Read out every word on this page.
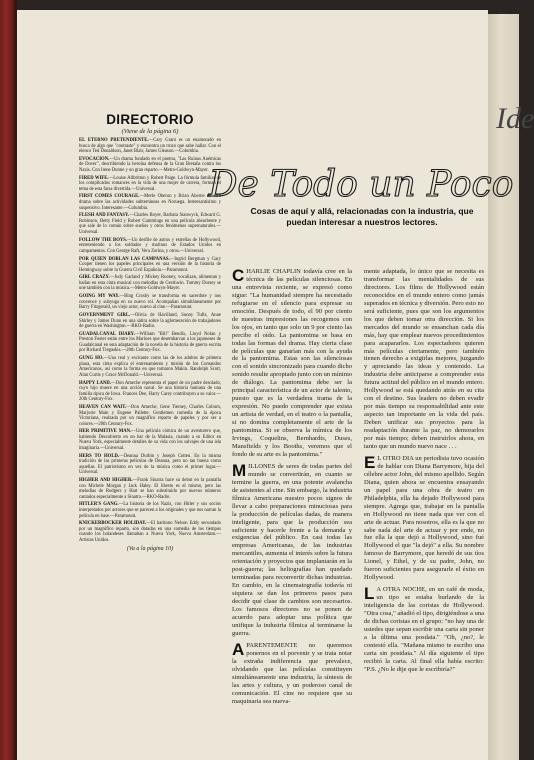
Ide
DIRECTORIO
(Viene de la página 6)
EL ETERNO PRETENDIENTE.—Cary Grant es un enamorado en busca de algo que "contraste" y encuentra un trozo que sabe hallar. Con el elenco Ted Donaldson, Janet Blair, James Gleason.—Columbia.
EVOCACION.—Un drama fundado en el poema, "Las Ruinas Anémicas de Dover", describiendo la heroína defensa de la Gran Bretaña contra los Nazis. Con Irene Dunne y un gran reparto.—Metro-Goldwyn-Mayer.
FIRED WIFE.—Louise Allbritton y Robert Paige. La fórmula familiar de los complicados romances en la vida de una mujer de carrera, forman el tema de esta farsa divertida.—Universal.
FIRST COMES COURAGE.—Merle Oberon y Brian Aherne en otro drama sobre las actividades subterráneas en Noruega. Interesantísimo y suspensivo. Interesante.—Columbia.
FLESH AND FANTASY.—Charles Boyer, Barbara Stanwyck, Edward G. Robinson, Betty Field y Robert Cummings en una película absorbente y que sale de lo común sobre sueños y otros fenómenos supernaturales.—Universal.
FOLLOW THE BOYS.—Un desfile de astros y estrellas de Hollywood, entreteniendo a los soldados y marinos de Estados Unidos en campamentos. Con George Raft, Vera Zorina, y otros.—Universal.
POR QUIEN DOBLAN LAS CAMPANAS.—Ingrid Bergman y Gary Cooper tienen los papeles principales en una versión de la historia de Hemingway sobre la Guerra Civil Española.—Paramount.
GIRL CRAZY.—Judy Garland y Mickey Rooney, vocalizan, alimentan y bailan en esta cinta musical con melodías de Gershwin. Tommy Dorsey se une también con la música.—Metro-Goldwyn-Mayer.
GOING MY WAY.—Bing Crosby se transforma en sacerdote y nos convence y subyuga en su nuevo rol. Acompañan simultáneamente por Barry Fitzgerald, un viejo actor, nuevo al cine.—Paramount.
GOVERNMENT GIRL.—Olivia de Havilland, Sonny Tufts, Anne Shirley y James Dunn en una sátira sobre la aglomeración de trabajadores de guerra en Washington.—RKO-Radio.
GUADALCANAL DIARY.—William "Bill" Bendix, Lloyd Nolan y Preston Foster están entre los Marines que desembarcan a los japoneses de Guadalcanal en esta adaptación de la novela de la historia de guerra escrita por Richard Tregaskis.—20th Century-Fox.
GUNG HO.—Una real y excitante como las de los adultos de primera plana, esta cinta explica el entrenamiento y misión de los Comandos Americanos, así como la forma en que tomaron Makin. Randolph Scott, Alan Curtis y Grace McDonald.—Universal.
HAPPY LAND.—Don Ameche representa el papel de un padre desolado, cuyo hijo muere en una acción naval. Se una historia humana de una familia típica de Iowa. Frances Dee, Harry Carey contribuyen a su valor.—20th Century-Fox.
HEAVEN CAN WAIT.—Don Ameche, Gene Tierney, Charles Coburn, Marjorie Main y Eugene Pallette. Gentlemen comedia de la época Victoriana, realzada por un magnífico reparto de papeles y por ser a colores.—20th Century-Fox.
HER PRIMITIVE MAN.—Una película cómica de un aventurero que, habiendo Descubierto en un bar de la Malasia, cuando a su Editor en Nueva York, especialmente detalles de su vida con los salvajes de una isla imaginaria.—Universal.
HERS TO HOLD.—Deanna Durbin y Joseph Cotten. En la misma tradición de las primeras películas de Deanna, pero no tan buena como aquellas. El patriotismo en vez de la música como el primer lugar.—Universal.
HIGHER AND HIGHER.—Frank Sinatra hace su debut en la pantalla con Michele Morgan y Jack Haley. El libreto es el mismo, pero las melodías de Rodgers y Hart se han substituido por nuevos números cantados especialmente a Sinatra.—RKO-Radio.
HITLER'S GANG.—La historia de los Nazis, con Hitler y sus socios interpretados por actores que se parecen a los originales y que nos narran la película en base.—Paramount.
KNICKERBOCKER HOLIDAY.—El barítono Nelson Eddy secundado por un magnífico reparto, son dotadas en una comedia de los tiempos cuando los holandeses llamaban a Nueva York, Nueva Amsterdam.—Artistas Unidos.
(Va a la página 10)
De Todo un Poco
Cosas de aquí y allá, relacionadas con la industria, que puedan interesar a nuestros lectores.
CHARLIE CHAPLIN todavía cree en la técnica de las películas silenciosas. En una entrevista reciente, se expresó como sigue: "La humanidad siempre ha necesitado refugiarse en el silencio para expresar su emoción. Después de todo, el 90 por ciento de nuestras impresiones las recogemos con los ojos, en tanto que solo un 9 por ciento las percibe el oído. La pantomima se basa en todas las formas del drama. Hay cierta clase de películas que ganarían más con la ayuda de la pantomima. Estas son las silenciosas con el sonido sincronizado para cuando dicho sonido resulte apropiado junto con un mínimo de diálogo. La pantomima debe ser la principal característica de un actor de talento, puesto que es la verdadera trama de la expresión. No puedo comprender que exista un artista de verdad, en el teatro o la pantalla, si no domina completamente el arte de la pantomima. Si se observa la mímica de los Irvings, Coquelins, Bernhardts, Duses, Mansfields y los Booths, veremos que el fondo de su arte es la pantomima."
MILLONES de seres de todas partes del mundo se convertirán, en cuanto se termine la guerra, en una potente avalancha de asistentes al cine. Sin embargo, la industria fílmica Americana nuestro pocos signos de llevar a cabo preparaciones minuciosas para la producción de películas dadas, de manera inteligente, para que la producción sea suficiente y hacerle frente a la demanda y exigencias del público. En casi todas las empresas Americanas, de las industrias mercantiles, aumenta el interés sobre la futura orientación y proyectos que implantarán en la post-guerra; las heliografías han quedado terminadas para reconvertir dichas industrias. En cambio, en la cinematografía todavía ni siquiera se dan los primeros pasos para decidir qué clase de cambios son necesarios. Los famosos directores no se ponen de acuerdo para adoptar una política que unifique la industria fílmica al terminarse la guerra.
APARENTEMENTE no queremos ponernos en el porvenir y se trata notar la extraña indiferencia que prevalece, olvidando que las películas constituyen simultáneamente una industria, la síntesis de las artes y cultura, y un poderoso canal de comunicación. El cine no requiere que su maquinaria sea nueva-
mente adaptada, lo único que se necesita es transformar las mentalidades de sus directores. Los films de Hollywood están reconocidos en el mundo entero como jamás superados en técnica y diversión. Pero esto no será suficiente, pues que son los argumentos los que deben tomar otra dirección. Si los mercados del mundo se ensanchan cada día más, hay que emplear nuevos procedimientos para acapararlos. Los espectadores quieren más películas ciertamente, pero también tienen derecho a exigirlas mejores, juzgando y apreciando las ideas y contenido. La industria debe anticiparse a comprender esta futura actitud del público en el mundo entero. Hollywood se está quedando atrás en su cita con el destino. Sus leaders no deben evadir por más tiempo su responsabilidad ante este aspecto tan importante en la vida del país. Deben unificar sus proyectos para la readaptación durante la paz, no demorarlos por más tiempo; deben instruirlos ahora, en tanto que un mundo nuevo nace . . .
E L OTRO DIA un periodista tuvo ocasión de hablar con Diana Barrymore, hija del célebre actor John, del mismo apellido. Según Diana, quien abora se encuentra ensayando un papel para una obra de teatro en Philadelphia, ella ha dejado Hollywood para siempre. Agrega que, trabajar en la pantalla en Hollywood no tiene nada que ver con el arte de actuar. Para nosotros, ella es la que no sabe nada del arte de actuar y por ende, no fue ella la que dejó a Hollywood, sino fué Hollywood el que "la dejó" a ella. Su nombre famoso de Barrymore, que heredó de sus tíos Lionel, y Ethel, y de su padre, John, no fueron suficientes para asegurarle el éxito en Hollywood.
L A OTRA NOCHE, en un café de moda, un tipo se estaba burlando de la inteligencia de las coristas de Hollywood. "Otra cosa," añadió el tipo, dirigiéndose a una de dichas coristas en el grupo: "no hay una de ustedes que sepan escribir una carta sin poner a la última una posdata." "Oh, ¿no?, le contestó ella. "Mañana mismo te escribo una carta sin postdata." Al día siguiente el tipo recibió la carta. Al final ella había escrito: "P.S. ¿No le dije que le escribiría?"
